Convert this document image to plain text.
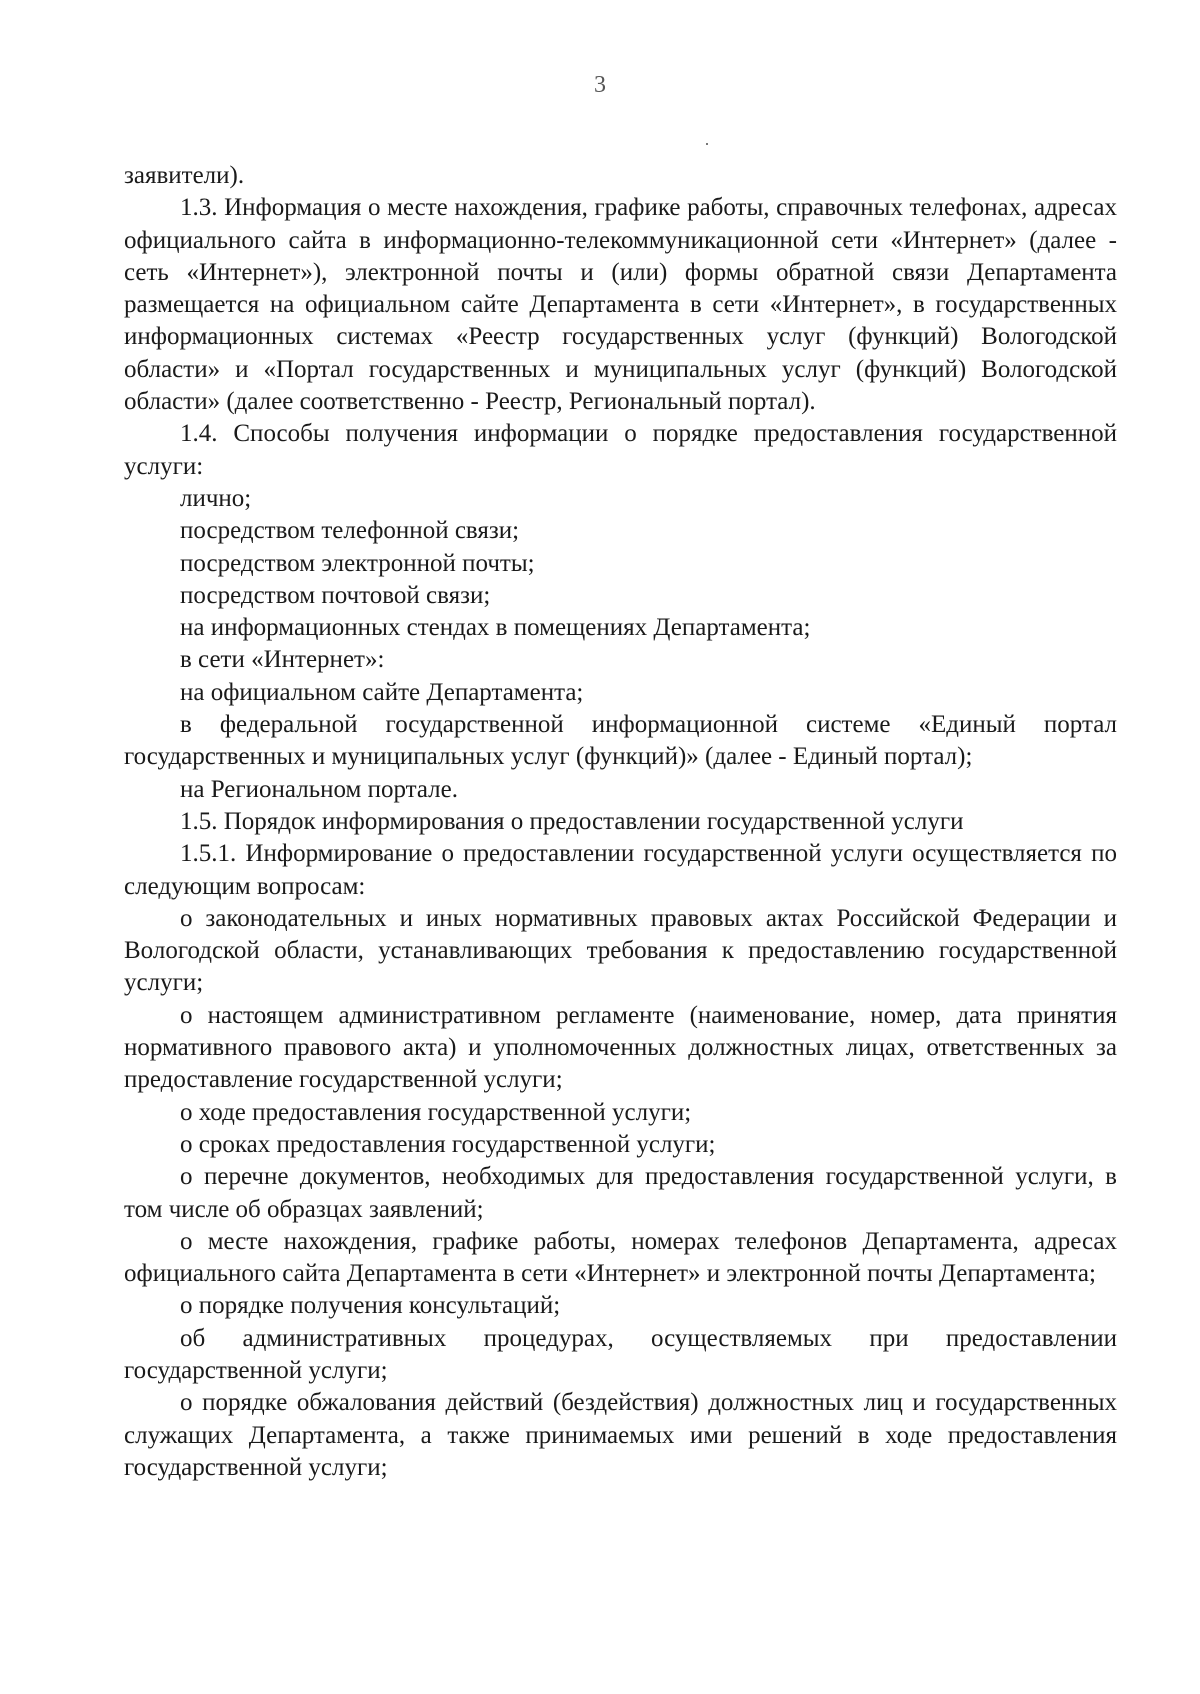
3

заявители).

1.3. Информация о месте нахождения, графике работы, справочных телефонах, адресах официального сайта в информационно-телекоммуникационной сети «Интернет» (далее - сеть «Интернет»), электронной почты и (или) формы обратной связи Департамента размещается на официальном сайте Департамента в сети «Интернет», в государственных информационных системах «Реестр государственных услуг (функций) Вологодской области» и «Портал государственных и муниципальных услуг (функций) Вологодской области» (далее соответственно - Реестр, Региональный портал).

1.4. Способы получения информации о порядке предоставления государственной услуги:

лично;

посредством телефонной связи;

посредством электронной почты;

посредством почтовой связи;

на информационных стендах в помещениях Департамента;

в сети «Интернет»:

на официальном сайте Департамента;

в федеральной государственной информационной системе «Единый портал государственных и муниципальных услуг (функций)» (далее - Единый портал);

на Региональном портале.

1.5. Порядок информирования о предоставлении государственной услуги

1.5.1. Информирование о предоставлении государственной услуги осуществляется по следующим вопросам:

о законодательных и иных нормативных правовых актах Российской Федерации и Вологодской области, устанавливающих требования к предоставлению государственной услуги;

о настоящем административном регламенте (наименование, номер, дата принятия нормативного правового акта) и уполномоченных должностных лицах, ответственных за предоставление государственной услуги;

о ходе предоставления государственной услуги;

о сроках предоставления государственной услуги;

о перечне документов, необходимых для предоставления государственной услуги, в том числе об образцах заявлений;

о месте нахождения, графике работы, номерах телефонов Департамента, адресах официального сайта Департамента в сети «Интернет» и электронной почты Департамента;

о порядке получения консультаций;

об административных процедурах, осуществляемых при предоставлении государственной услуги;

о порядке обжалования действий (бездействия) должностных лиц и государственных служащих Департамента, а также принимаемых ими решений в ходе предоставления государственной услуги;
